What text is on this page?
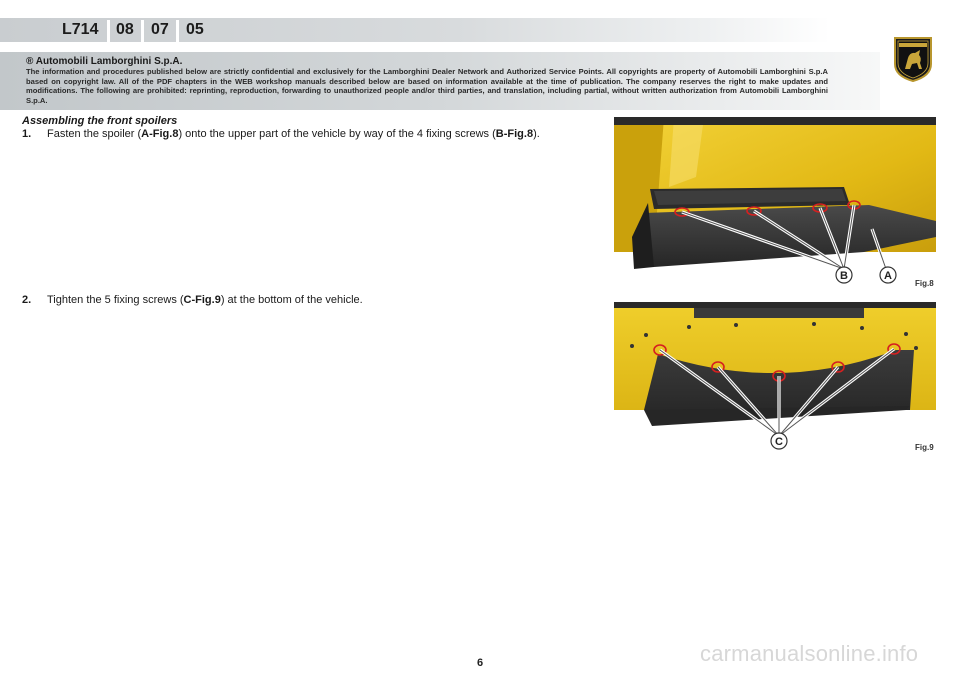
L714 08 07 05
® Automobili Lamborghini S.p.A.
The information and procedures published below are strictly confidential and exclusively for the Lamborghini Dealer Network and Authorized Service Points. All copyrights are property of Automobili Lamborghini S.p.A based on copyright law. All of the PDF chapters in the WEB workshop manuals described below are based on information available at the time of publication. The company reserves the right to make updates and modifications. The following are prohibited: reprinting, reproduction, forwarding to unauthorized people and/or third parties, and translation, including partial, without written authorization from Automobili Lamborghini S.p.A.
Assembling the front spoilers
1. Fasten the spoiler (A-Fig.8) onto the upper part of the vehicle by way of the 4 fixing screws (B-Fig.8).
2. Tighten the 5 fixing screws (C-Fig.9) at the bottom of the vehicle.
B	A
Fig.8
C	Fig.9
6	carmanualsonline.info
